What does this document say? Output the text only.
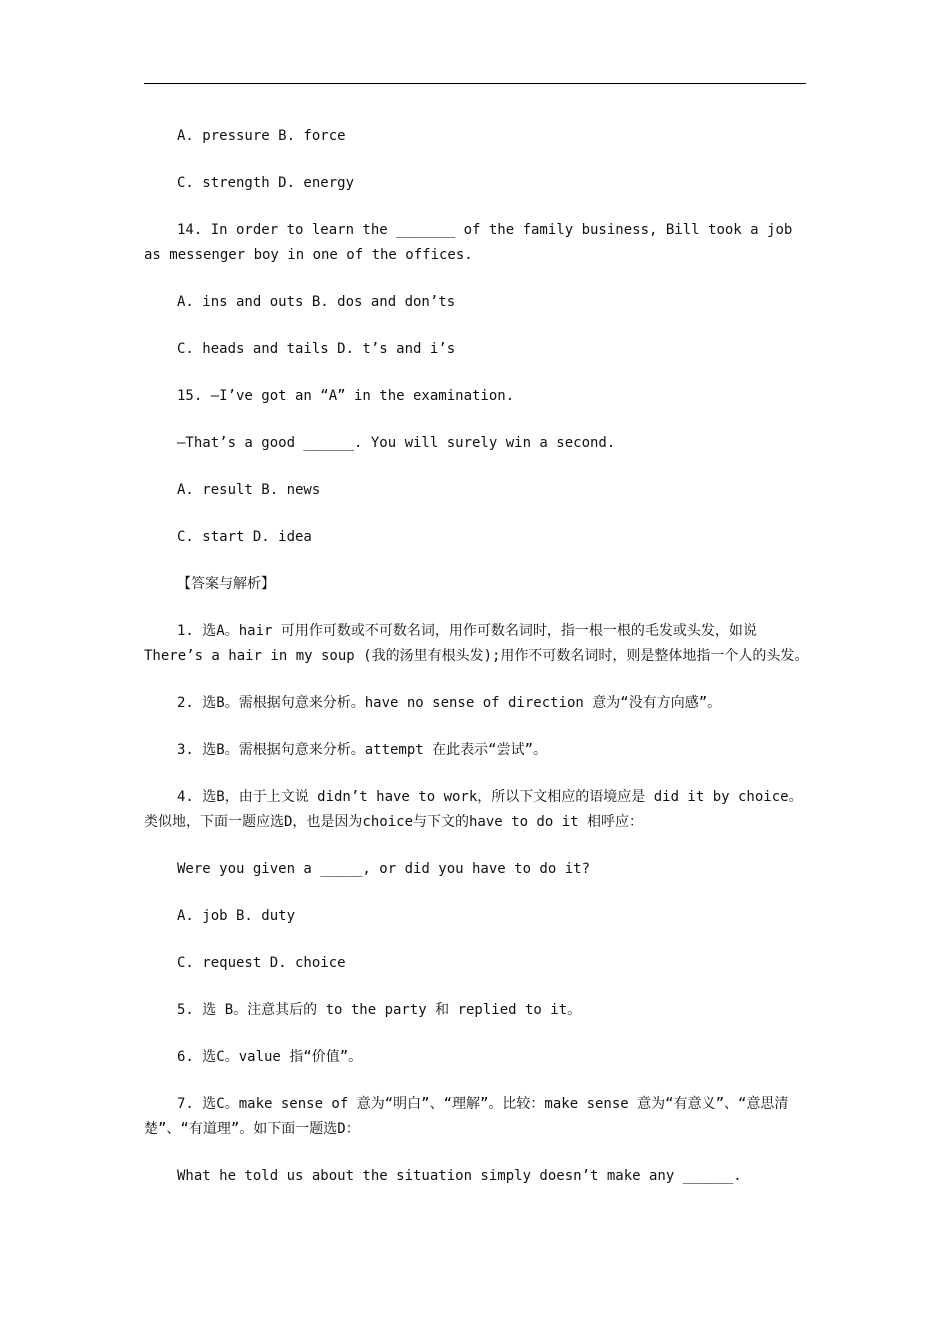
A. pressure B. force

C. strength D. energy

14. In order to learn the _______ of the family business, Bill took a job as messenger boy in one of the offices.

A. ins and outs B. dos and don’ts

C. heads and tails D. t’s and i’s

15. —I’ve got an “A” in the examination.

—That’s a good ______. You will surely win a second.

A. result B. news

C. start D. idea

【答案与解析】

1. 选A。hair 可用作可数或不可数名词，用作可数名词时，指一根一根的毛发或头发，如说 There’s a hair in my soup (我的汤里有根头发);用作不可数名词时，则是整体地指一个人的头发。

2. 选B。需根据句意来分析。have no sense of direction 意为“没有方向感”。

3. 选B。需根据句意来分析。attempt 在此表示“尝试”。

4. 选B，由于上文说 didn’t have to work，所以下文相应的语境应是 did it by choice。类似地，下面一题应选D，也是因为choice与下文的have to do it 相呼应：

Were you given a _____, or did you have to do it?

A. job B. duty

C. request D. choice

5. 选 B。注意其后的 to the party 和 replied to it。

6. 选C。value 指“价值”。

7. 选C。make sense of 意为“明白”、“理解”。比较：make sense 意为“有意义”、“意思清楚”、“有道理”。如下面一题选D：

What he told us about the situation simply doesn’t make any ______.
